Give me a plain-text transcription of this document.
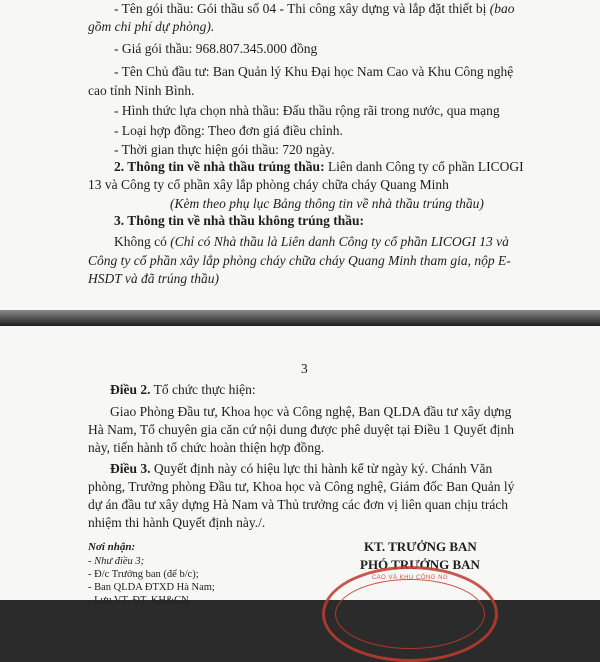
- Tên gói thầu: Gói thầu số 04 - Thi công xây dựng và lắp đặt thiết bị (bao
gồm chi phí dự phòng).
- Giá gói thầu: 968.807.345.000 đồng
- Tên Chủ đầu tư: Ban Quản lý Khu Đại học Nam Cao và Khu Công nghệ
cao tỉnh Ninh Bình.
- Hình thức lựa chọn nhà thầu: Đấu thầu rộng rãi trong nước, qua mạng
- Loại hợp đồng: Theo đơn giá điều chỉnh.
- Thời gian thực hiện gói thầu: 720 ngày.
2. Thông tin về nhà thầu trúng thầu: Liên danh Công ty cổ phần LICOGI
13 và Công ty cổ phần xây lắp phòng cháy chữa cháy Quang Minh
(Kèm theo phụ lục Bảng thông tin về nhà thầu trúng thầu)
3. Thông tin về nhà thầu không trúng thầu:
Không có (Chỉ có Nhà thầu là Liên danh Công ty cổ phần LICOGI 13 và
Công ty cổ phần xây lắp phòng cháy chữa cháy Quang Minh tham gia, nộp E-
HSDT và đã trúng thầu)
3
Điều 2. Tổ chức thực hiện:
Giao Phòng Đầu tư, Khoa học và Công nghệ, Ban QLDA đầu tư xây dựng
Hà Nam, Tổ chuyên gia căn cứ nội dung được phê duyệt tại Điều 1 Quyết định
này, tiến hành tổ chức hoàn thiện hợp đồng.
Điều 3. Quyết định này có hiệu lực thi hành kể từ ngày ký. Chánh Văn
phòng, Trưởng phòng Đầu tư, Khoa học và Công nghệ, Giám đốc Ban Quản lý
dự án đầu tư xây dựng Hà Nam và Thủ trưởng các đơn vị liên quan chịu trách
nhiệm thi hành Quyết định này./.
Nơi nhận:
- Như điều 3;
- Đ/c Trưởng ban (để b/c);
- Ban QLDA ĐTXD Hà Nam;
- Lưu VT, ĐT, KH&CN.
KT. TRƯỞNG BAN
PHÓ TRƯỞNG BAN
CAO VÀ KHU CÔNG NG
